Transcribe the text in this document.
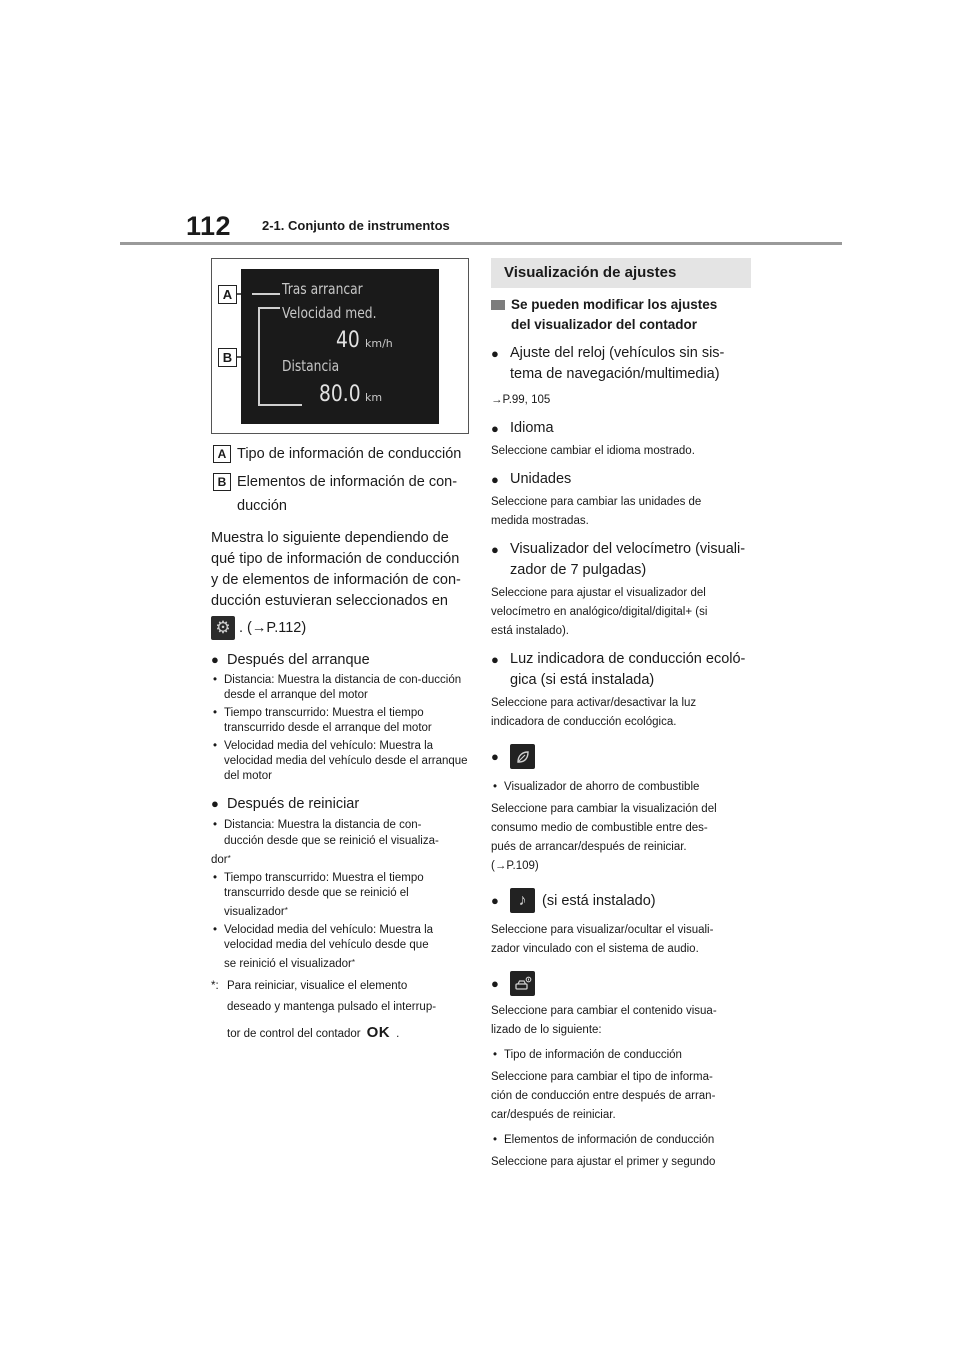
112 2-1. Conjunto de instrumentos
A
B
Tras arrancar
Velocidad med.
40 km/h
Distancia
80.0 km
A Tipo de información de conducción
B Elementos de información de con-
ducción
Muestra lo siguiente dependiendo de
qué tipo de información de conducción
y de elementos de información de con-
ducción estuvieran seleccionados en
⚙ . (→P.112)
● Después del arranque
• Distancia: Muestra la distancia de con-ducción desde el arranque del motor
• Tiempo transcurrido: Muestra el tiempo transcurrido desde el arranque del motor
• Velocidad media del vehículo: Muestra la velocidad media del vehículo desde el arranque del motor
● Después de reiniciar
• Distancia: Muestra la distancia de con-
ducción desde que se reinició el visualiza-
dor *
• Tiempo transcurrido: Muestra el tiempo
transcurrido desde que se reinició el
visualizador *
• Velocidad media del vehículo: Muestra la
velocidad media del vehículo desde que
se reinició el visualizador *
*: Para reiniciar, visualice el elemento
deseado y mantenga pulsado el interrup-
tor de control del contador OK .
Visualización de ajustes
Se pueden modificar los ajustes
del visualizador del contador
● Ajuste del reloj (vehículos sin sis-
tema de navegación/multimedia)
→P.99, 105
● Idioma
Seleccione cambiar el idioma mostrado.
● Unidades
Seleccione para cambiar las unidades de
medida mostradas.
● Visualizador del velocímetro (visuali-
zador de 7 pulgadas)
Seleccione para ajustar el visualizador del
velocímetro en analógico/digital/digital+ (si
está instalado).
● Luz indicadora de conducción ecoló-
gica (si está instalada)
Seleccione para activar/desactivar la luz
indicadora de conducción ecológica.
●
• Visualizador de ahorro de combustible
Seleccione para cambiar la visualización del
consumo medio de combustible entre des-
pués de arrancar/después de reiniciar.
(→P.109)
●	♪	(si está instalado)
Seleccione para visualizar/ocultar el visuali-
zador vinculado con el sistema de audio.
●
Seleccione para cambiar el contenido visua-
lizado de lo siguiente:
• Tipo de información de conducción
Seleccione para cambiar el tipo de informa-
ción de conducción entre después de arran-
car/después de reiniciar.
• Elementos de información de conducción
Seleccione para ajustar el primer y segundo
